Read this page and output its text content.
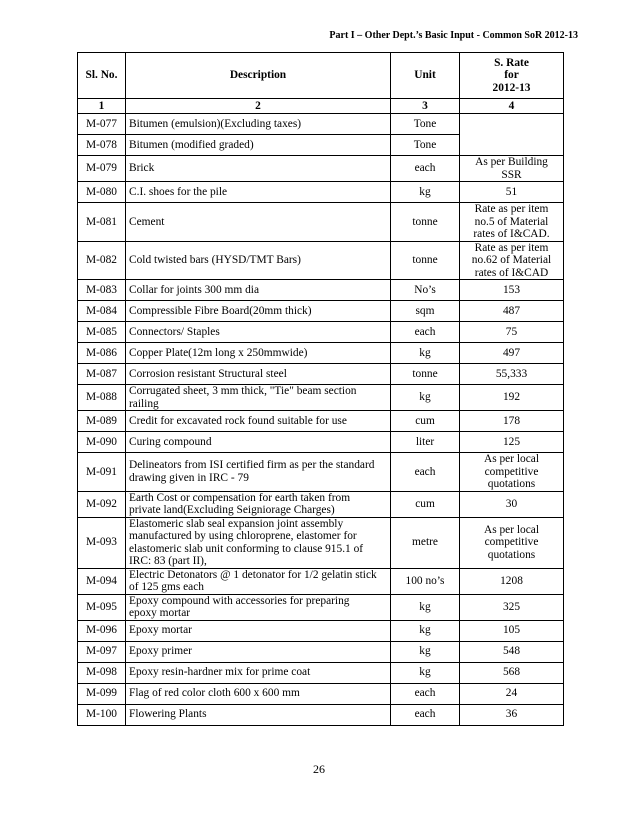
Part I – Other Dept.’s Basic Input - Common SoR 2012-13
Sl. No.	Description	Unit	S. Rate
for
2012-13
1	2	3	4
M-077	Bitumen (emulsion)(Excluding taxes)	Tone	
M-078	Bitumen (modified graded)	Tone	
M-079	Brick	each	As per Building
SSR
M-080	C.I. shoes for the pile	kg	51
M-081	Cement	tonne	Rate as per item
no.5 of Material
rates of I&CAD.
M-082	Cold twisted bars (HYSD/TMT Bars)	tonne	Rate as per item
no.62 of Material
rates of I&CAD
M-083	Collar for joints 300 mm dia	No’s	153
M-084	Compressible Fibre Board(20mm thick)	sqm	487
M-085	Connectors/ Staples	each	75
M-086	Copper Plate(12m long x 250mmwide)	kg	497
M-087	Corrosion resistant Structural steel	tonne	55,333
M-088	Corrugated sheet, 3 mm thick, "Tie" beam section
railing	kg	192
M-089	Credit for excavated rock found suitable for use	cum	178
M-090	Curing compound	liter	125
M-091	Delineators from ISI certified firm as per the standard
drawing given in IRC - 79	each	As per local
competitive
quotations
M-092	Earth Cost or compensation for earth taken from
private land(Excluding Seigniorage Charges)	cum	30
M-093	Elastomeric slab seal expansion joint assembly
manufactured by using chloroprene, elastomer for
elastomeric slab unit conforming to clause 915.1 of
IRC: 83 (part II),	metre	As per local
competitive
quotations
M-094	Electric Detonators @ 1 detonator for 1/2 gelatin stick
of 125 gms each	100 no’s	1208
M-095	Epoxy compound with accessories for preparing
epoxy mortar	kg	325
M-096	Epoxy mortar	kg	105
M-097	Epoxy primer	kg	548
M-098	Epoxy resin-hardner mix for prime coat	kg	568
M-099	Flag of red color cloth 600 x 600 mm	each	24
M-100	Flowering Plants	each	36
26
